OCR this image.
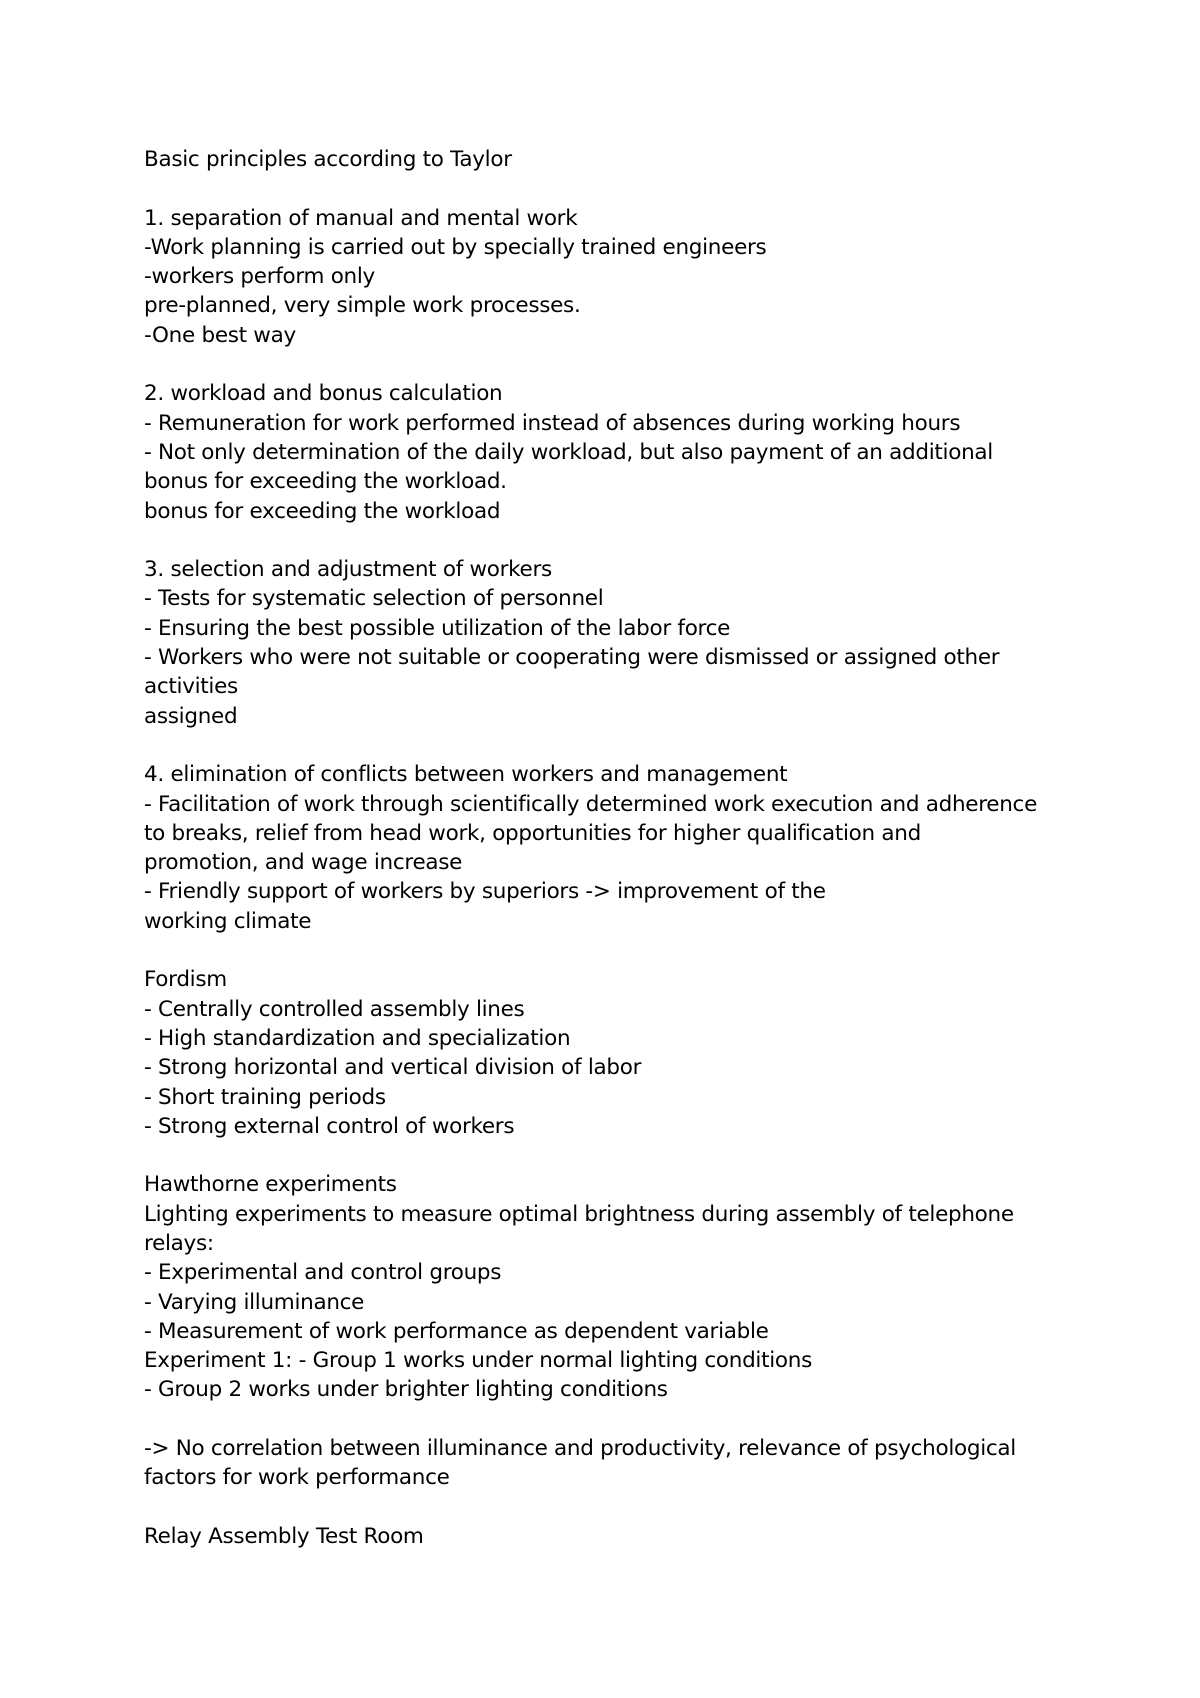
Basic principles according to Taylor
1. separation of manual and mental work
-Work planning is carried out by specially trained engineers
-workers perform only
pre-planned, very simple work processes.
-One best way
2. workload and bonus calculation
- Remuneration for work performed instead of absences during working hours
- Not only determination of the daily workload, but also payment of an additional
bonus for exceeding the workload.
bonus for exceeding the workload
3. selection and adjustment of workers
- Tests for systematic selection of personnel
- Ensuring the best possible utilization of the labor force
- Workers who were not suitable or cooperating were dismissed or assigned other
activities
assigned
4. elimination of conflicts between workers and management
- Facilitation of work through scientifically determined work execution and adherence
to breaks, relief from head work, opportunities for higher qualification and
promotion, and wage increase
- Friendly support of workers by superiors -> improvement of the
working climate
Fordism
- Centrally controlled assembly lines
- High standardization and specialization
- Strong horizontal and vertical division of labor
- Short training periods
- Strong external control of workers
Hawthorne experiments
Lighting experiments to measure optimal brightness during assembly of telephone
relays:
- Experimental and control groups
- Varying illuminance
- Measurement of work performance as dependent variable
Experiment 1: - Group 1 works under normal lighting conditions
- Group 2 works under brighter lighting conditions
-> No correlation between illuminance and productivity, relevance of psychological
factors for work performance
Relay Assembly Test Room
